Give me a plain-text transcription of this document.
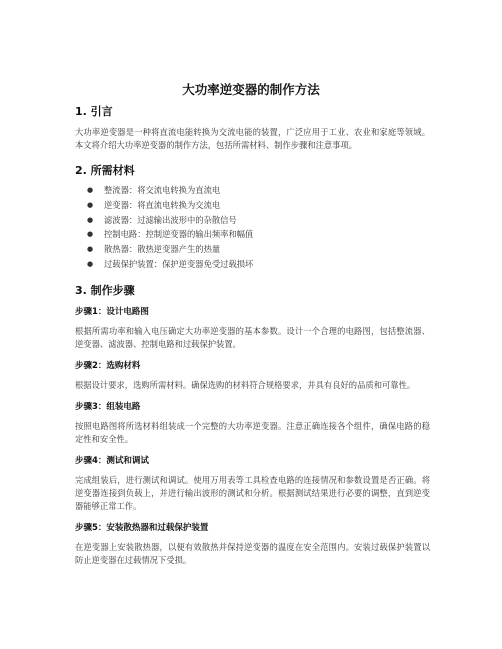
大功率逆变器的制作方法
1. 引言

大功率逆变器是一种将直流电能转换为交流电能的装置，广泛应用于工业、农业和家庭等领域。本文将介绍大功率逆变器的制作方法，包括所需材料、制作步骤和注意事项。

2. 所需材料
● 整流器：将交流电转换为直流电
● 逆变器：将直流电转换为交流电
● 滤波器：过滤输出波形中的杂散信号
● 控制电路：控制逆变器的输出频率和幅值
● 散热器：散热逆变器产生的热量
● 过载保护装置：保护逆变器免受过载损坏
3. 制作步骤
步骤1：设计电路图

根据所需功率和输入电压确定大功率逆变器的基本参数。设计一个合理的电路图，包括整流器、逆变器、滤波器、控制电路和过载保护装置。

步骤2：选购材料

根据设计要求，选购所需材料。确保选购的材料符合规格要求，并具有良好的品质和可靠性。

步骤3：组装电路

按照电路图将所选材料组装成一个完整的大功率逆变器。注意正确连接各个组件，确保电路的稳定性和安全性。

步骤4：测试和调试

完成组装后，进行测试和调试。使用万用表等工具检查电路的连接情况和参数设置是否正确。将逆变器连接到负载上，并进行输出波形的测试和分析。根据测试结果进行必要的调整，直到逆变器能够正常工作。

步骤5：安装散热器和过载保护装置

在逆变器上安装散热器，以便有效散热并保持逆变器的温度在安全范围内。安装过载保护装置以防止逆变器在过载情况下受损。
